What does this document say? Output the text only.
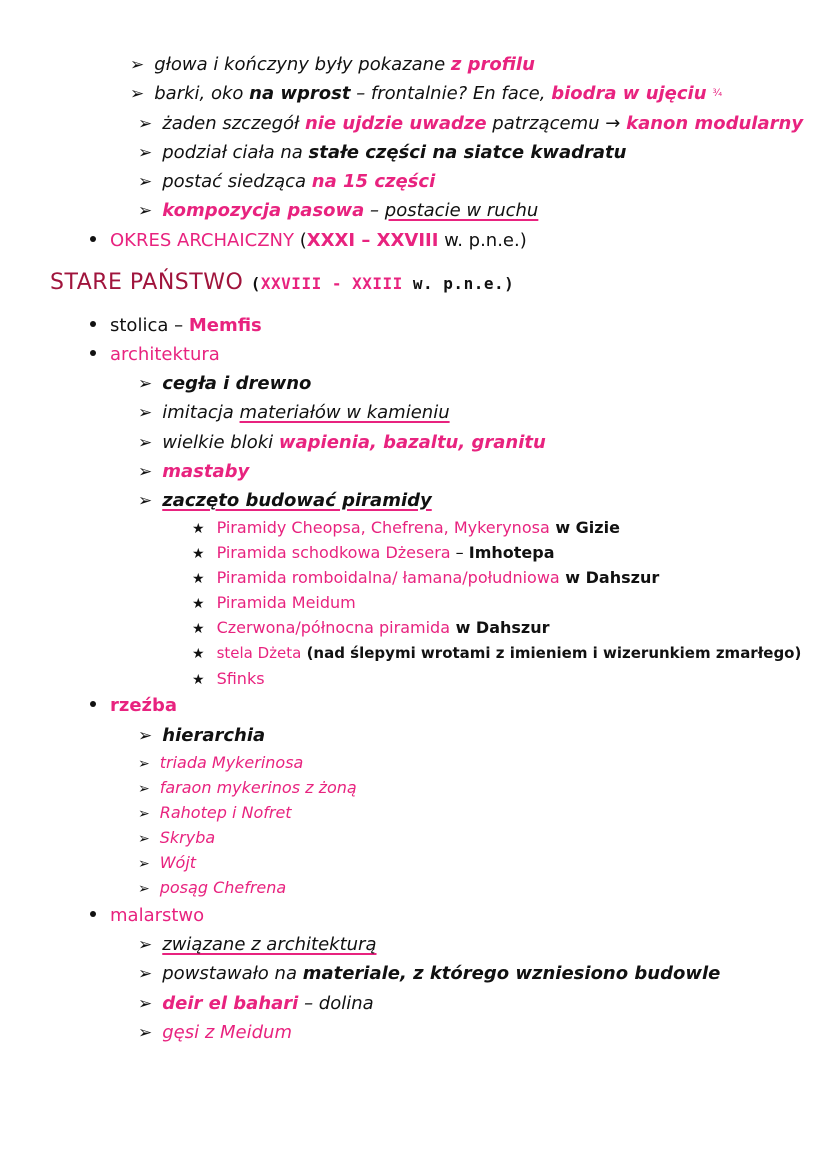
➢ głowa i kończyny były pokazane z profilu
➢ barki, oko na wprost – frontalnie? En face, biodra w ujęciu ¾
➢ żaden szczegół nie ujdzie uwadze patrzącemu → kanon modularny
➢ podział ciała na stałe części na siatce kwadratu
➢ postać siedząca na 15 części
➢ kompozycja pasowa – postacie w ruchu
OKRES ARCHAICZNY (XXXI – XXVIII w. p.n.e.)
STARE PAŃSTWO (XXVIII - XXIII w. p.n.e.)
stolica – Memfis
architektura
➢ cegła i drewno
➢ imitacja materiałów w kamieniu
➢ wielkie bloki wapienia, bazaltu, granitu
➢ mastaby
➢ zaczęto budować piramidy
★ Piramidy Cheopsa, Chefrena, Mykerynosa w Gizie
★ Piramida schodkowa Dżesera – Imhotepa
★ Piramida romboidalna/ łamana/południowa w Dahszur
★ Piramida Meidum
★ Czerwona/północna piramida w Dahszur
★ stela Dżeta (nad ślepymi wrotami z imieniem i wizerunkiem zmarłego)
★ Sfinks
rzeźba
➢ hierarchia
➢ triada Mykerinosa
➢ faraon mykerinos z żoną
➢ Rahotep i Nofret
➢ Skryba
➢ Wójt
➢ posąg Chefrena
malarstwo
➢ związane z architekturą
➢ powstawało na materiale, z którego wzniesiono budowle
➢ deir el bahari – dolina
➢ gęsi z Meidum
